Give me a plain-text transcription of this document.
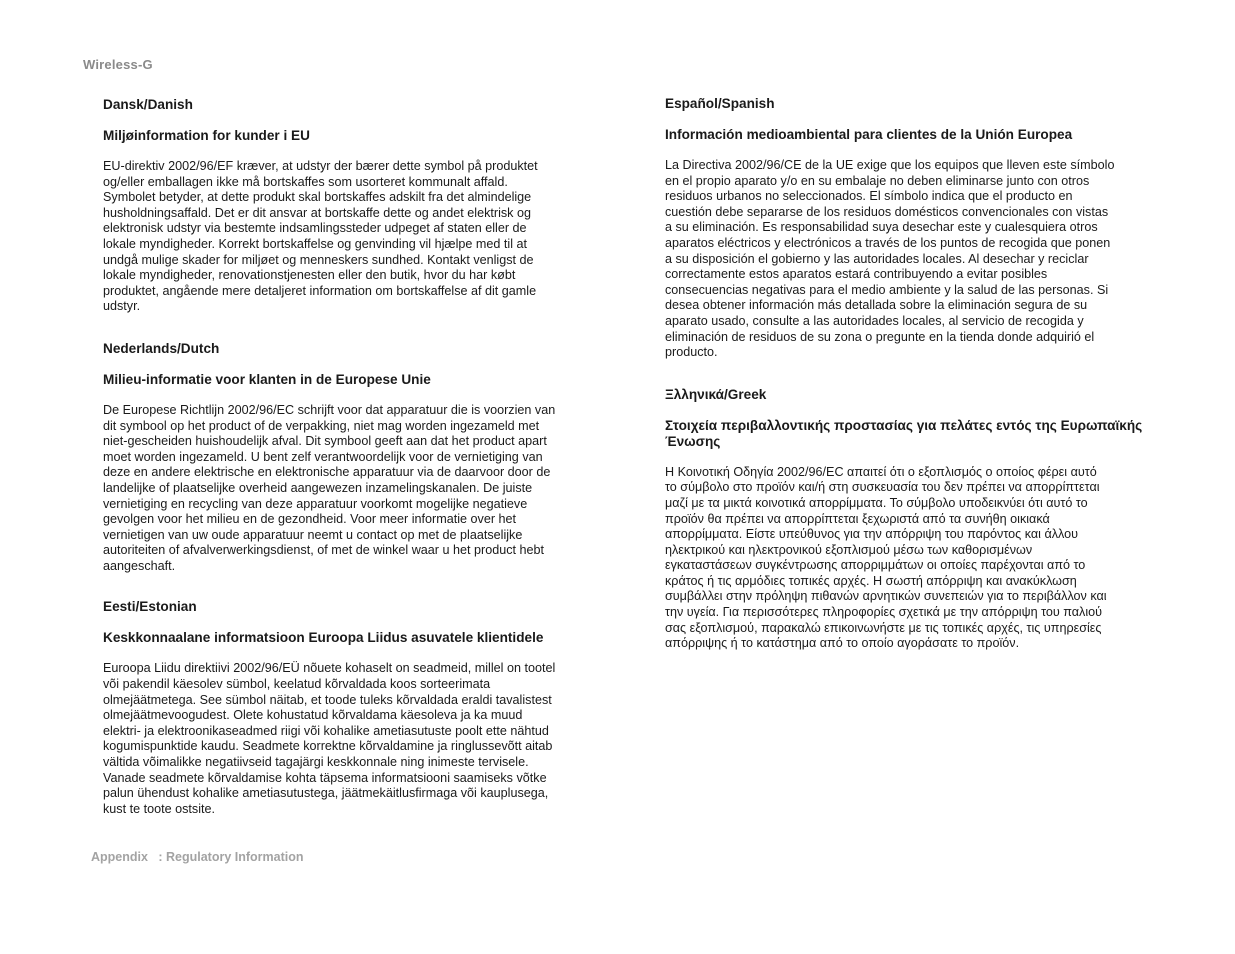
Wireless-G
Dansk/Danish
Miljøinformation for kunder i EU
EU-direktiv 2002/96/EF kræver, at udstyr der bærer dette symbol på produktet
og/eller emballagen ikke må bortskaffes som usorteret kommunalt affald.
Symbolet betyder, at dette produkt skal bortskaffes adskilt fra det almindelige
husholdningsaffald. Det er dit ansvar at bortskaffe dette og andet elektrisk og
elektronisk udstyr via bestemte indsamlingssteder udpeget af staten eller de
lokale myndigheder. Korrekt bortskaffelse og genvinding vil hjælpe med til at
undgå mulige skader for miljøet og menneskers sundhed. Kontakt venligst de
lokale myndigheder, renovationstjenesten eller den butik, hvor du har købt
produktet, angående mere detaljeret information om bortskaffelse af dit gamle
udstyr.
Nederlands/Dutch
Milieu-informatie voor klanten in de Europese Unie
De Europese Richtlijn 2002/96/EC schrijft voor dat apparatuur die is voorzien van
dit symbool op het product of de verpakking, niet mag worden ingezameld met
niet-gescheiden huishoudelijk afval. Dit symbool geeft aan dat het product apart
moet worden ingezameld. U bent zelf verantwoordelijk voor de vernietiging van
deze en andere elektrische en elektronische apparatuur via de daarvoor door de
landelijke of plaatselijke overheid aangewezen inzamelingskanalen. De juiste
vernietiging en recycling van deze apparatuur voorkomt mogelijke negatieve
gevolgen voor het milieu en de gezondheid. Voor meer informatie over het
vernietigen van uw oude apparatuur neemt u contact op met de plaatselijke
autoriteiten of afvalverwerkingsdienst, of met de winkel waar u het product hebt
aangeschaft.
Eesti/Estonian
Keskkonnaalane informatsioon Euroopa Liidus asuvatele klientidele
Euroopa Liidu direktiivi 2002/96/EÜ nõuete kohaselt on seadmeid, millel on tootel
või pakendil käesolev sümbol, keelatud kõrvaldada koos sorteerimata
olmejäätmetega. See sümbol näitab, et toode tuleks kõrvaldada eraldi tavalistest
olmejäätmevoogudest. Olete kohustatud kõrvaldama käesoleva ja ka muud
elektri- ja elektroonikaseadmed riigi või kohalike ametiasutuste poolt ette nähtud
kogumispunktide kaudu. Seadmete korrektne kõrvaldamine ja ringlussevõtt aitab
vältida võimalikke negatiivseid tagajärgi keskkonnale ning inimeste tervisele.
Vanade seadmete kõrvaldamise kohta täpsema informatsiooni saamiseks võtke
palun ühendust kohalike ametiasutustega, jäätmekäitlusfirmaga või kauplusega,
kust te toote ostsite.
Español/Spanish
Información medioambiental para clientes de la Unión Europea
La Directiva 2002/96/CE de la UE exige que los equipos que lleven este símbolo
en el propio aparato y/o en su embalaje no deben eliminarse junto con otros
residuos urbanos no seleccionados. El símbolo indica que el producto en
cuestión debe separarse de los residuos domésticos convencionales con vistas
a su eliminación. Es responsabilidad suya desechar este y cualesquiera otros
aparatos eléctricos y electrónicos a través de los puntos de recogida que ponen
a su disposición el gobierno y las autoridades locales. Al desechar y reciclar
correctamente estos aparatos estará contribuyendo a evitar posibles
consecuencias negativas para el medio ambiente y la salud de las personas. Si
desea obtener información más detallada sobre la eliminación segura de su
aparato usado, consulte a las autoridades locales, al servicio de recogida y
eliminación de residuos de su zona o pregunte en la tienda donde adquirió el
producto.
Ξλληνικά/Greek
Στοιχεία περιβαλλοντικής προστασίας για πελάτες εντός της Ευρωπαϊκής
Ένωσης
Η Κοινοτική Οδηγία 2002/96/EC απαιτεί ότι ο εξοπλισμός ο οποίος φέρει αυτό
το σύμβολο στο προϊόν και/ή στη συσκευασία του δεν πρέπει να απορρίπτεται
μαζί με τα μικτά κοινοτικά απορρίμματα. Το σύμβολο υποδεικνύει ότι αυτό το
προϊόν θα πρέπει να απορρίπτεται ξεχωριστά από τα συνήθη οικιακά
απορρίμματα. Είστε υπεύθυνος για την απόρριψη του παρόντος και άλλου
ηλεκτρικού και ηλεκτρονικού εξοπλισμού μέσω των καθορισμένων
εγκαταστάσεων συγκέντρωσης απορριμμάτων οι οποίες παρέχονται από το
κράτος ή τις αρμόδιες τοπικές αρχές. Η σωστή απόρριψη και ανακύκλωση
συμβάλλει στην πρόληψη πιθανών αρνητικών συνεπειών για το περιβάλλον και
την υγεία. Για περισσότερες πληροφορίες σχετικά με την απόρριψη του παλιού
σας εξοπλισμού, παρακαλώ επικοινωνήστε με τις τοπικές αρχές, τις υπηρεσίες
απόρριψης ή το κατάστημα από το οποίο αγοράσατε το προϊόν.
Appendix   : Regulatory Information
